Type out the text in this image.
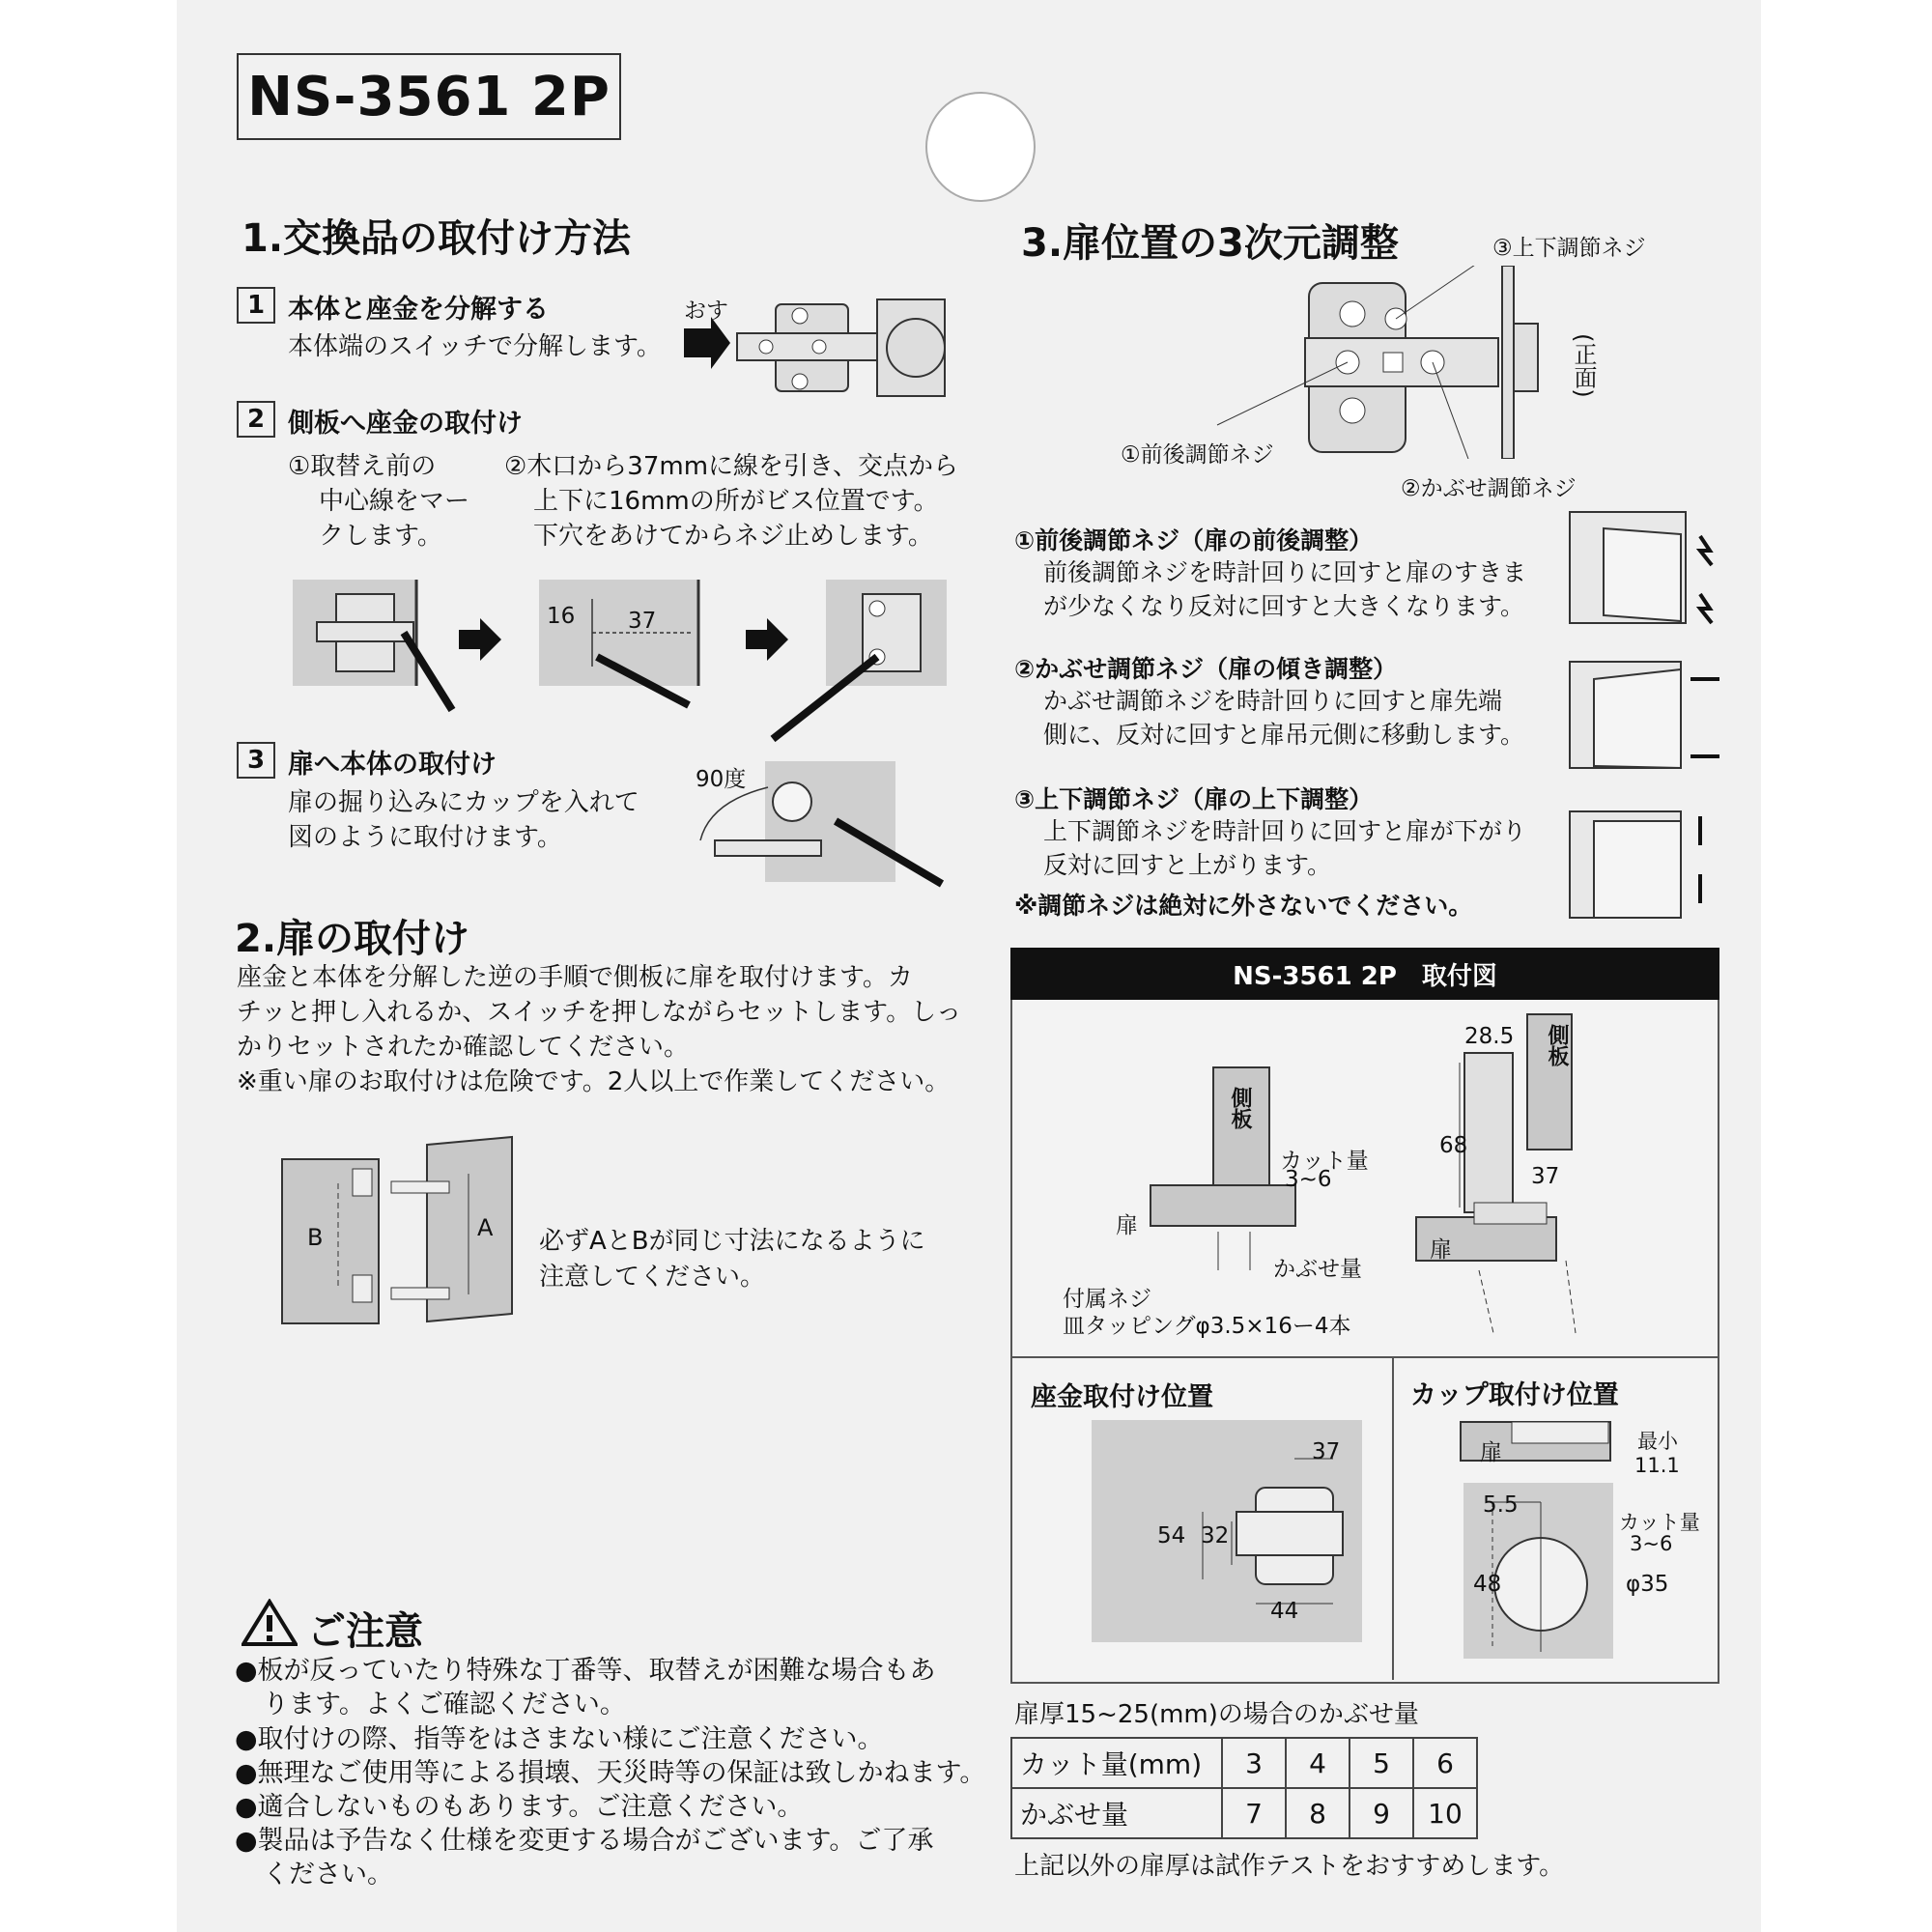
NS-3561 2P
1.交換品の取付け方法
1 本体と座金を分解する
本体端のスイッチで分解します。
おす
2 側板へ座金の取付け
①取替え前の
中心線をマー
クします。
②木口から37mmに線を引き、交点から
上下に16mmの所がビス位置です。
下穴をあけてからネジ止めします。
16 37
3 扉へ本体の取付け
扉の掘り込みにカップを入れて
図のように取付けます。
90度
2.扉の取付け
座金と本体を分解した逆の手順で側板に扉を取付けます。カ
チッと押し入れるか、スイッチを押しながらセットします。しっ
かりセットされたか確認してください。
※重い扉のお取付けは危険です。2人以上で作業してください。
B	A 必ずAとBが同じ寸法になるように
注意してください。
ご注意
●板が反っていたり特殊な丁番等、取替えが困難な場合もあ
ります。よくご確認ください。
●取付けの際、指等をはさまない様にご注意ください。
●無理なご使用等による損壊、天災時等の保証は致しかねます。
●適合しないものもあります。ご注意ください。
●製品は予告なく仕様を変更する場合がございます。ご了承
ください。
3.扉位置の3次元調整	③上下調節ネジ
(正面)
①前後調節ネジ
②かぶせ調節ネジ
①前後調節ネジ（扉の前後調整）
前後調節ネジを時計回りに回すと扉のすきま
が少なくなり反対に回すと大きくなります。
②かぶせ調節ネジ（扉の傾き調整）
かぶせ調節ネジを時計回りに回すと扉先端
側に、反対に回すと扉吊元側に移動します。
③上下調節ネジ（扉の上下調整）
上下調節ネジを時計回りに回すと扉が下がり
反対に回すと上がります。
※調節ネジは絶対に外さないでください。
NS-3561 2P　取付図
側板
カット量
3~6
扉
かぶせ量
付属ネジ
皿タッピングφ3.5×16ー4本
28.5 側板
68
37
扉
座金取付け位置
37
54 32
44
カップ取付け位置
扉	最小
11.1
5.5
48
カット量
3~6
φ35
扉厚15~25(mm)の場合のかぶせ量
カット量(mm)	3	4	5	6
かぶせ量	7	8	9	10
上記以外の扉厚は試作テストをおすすめします。
